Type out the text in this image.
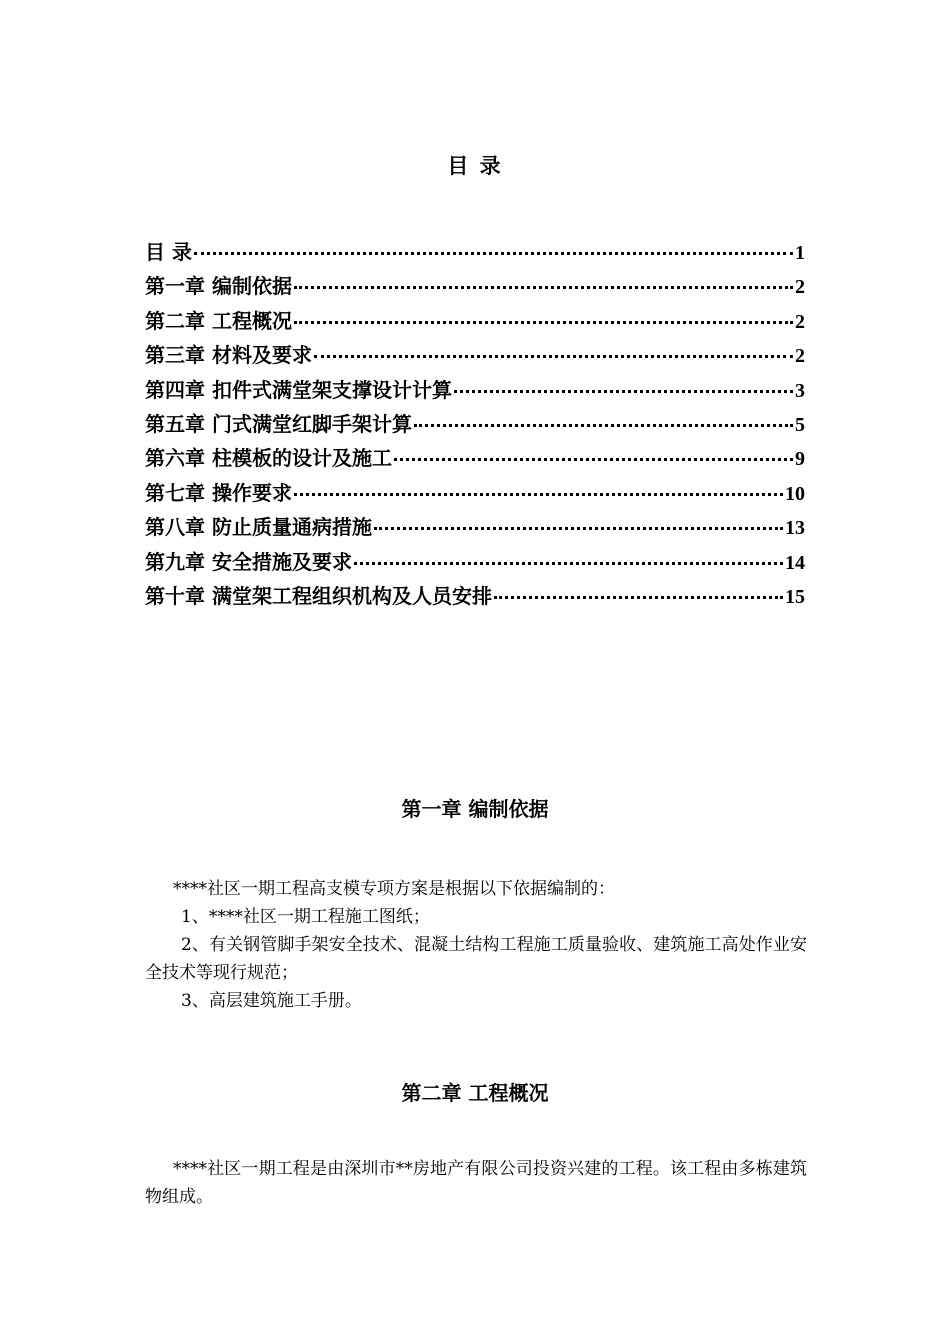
目 录
目 录	1
第一章 编制依据	2
第二章 工程概况	2
第三章 材料及要求	2
第四章 扣件式满堂架支撑设计计算	3
第五章 门式满堂红脚手架计算	5
第六章 柱模板的设计及施工	9
第七章 操作要求	10
第八章 防止质量通病措施	13
第九章 安全措施及要求	14
第十章 满堂架工程组织机构及人员安排	15
第一章 编制依据

****社区一期工程高支模专项方案是根据以下依据编制的：

1、****社区一期工程施工图纸；

2、有关钢管脚手架安全技术、混凝土结构工程施工质量验收、建筑施工高处作业安全技术等现行规范；

3、高层建筑施工手册。

第二章 工程概况

****社区一期工程是由深圳市**房地产有限公司投资兴建的工程。该工程由多栋建筑物组成。
